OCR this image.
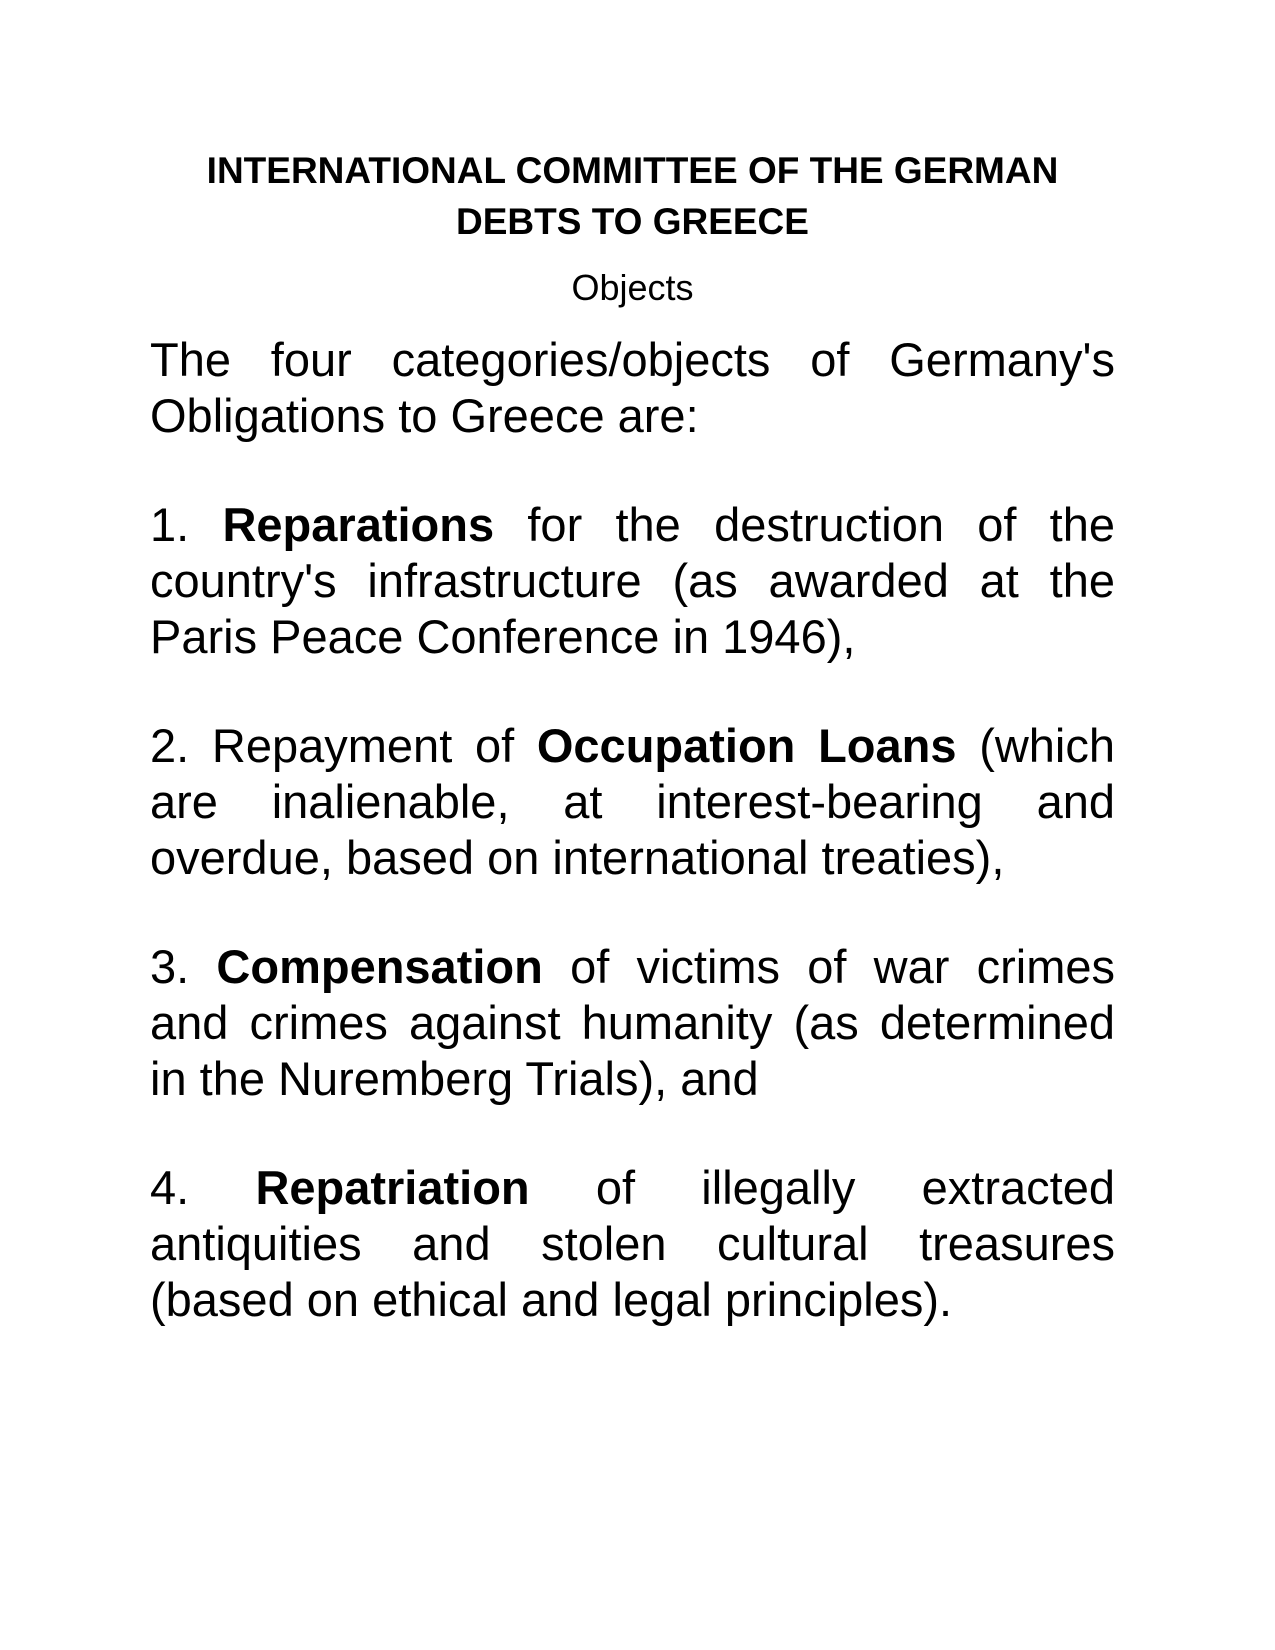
INTERNATIONAL COMMITTEE OF THE GERMAN DEBTS TO GREECE

Objects

The four categories/objects of Germany's Obligations to Greece are:

1. Reparations for the destruction of the country's infrastructure (as awarded at the Paris Peace Conference in 1946),

2. Repayment of Occupation Loans (which are inalienable, at interest-bearing and overdue, based on international treaties),

3. Compensation of victims of war crimes and crimes against humanity (as determined in the Nuremberg Trials), and

4. Repatriation of illegally extracted antiquities and stolen cultural treasures (based on ethical and legal principles).
